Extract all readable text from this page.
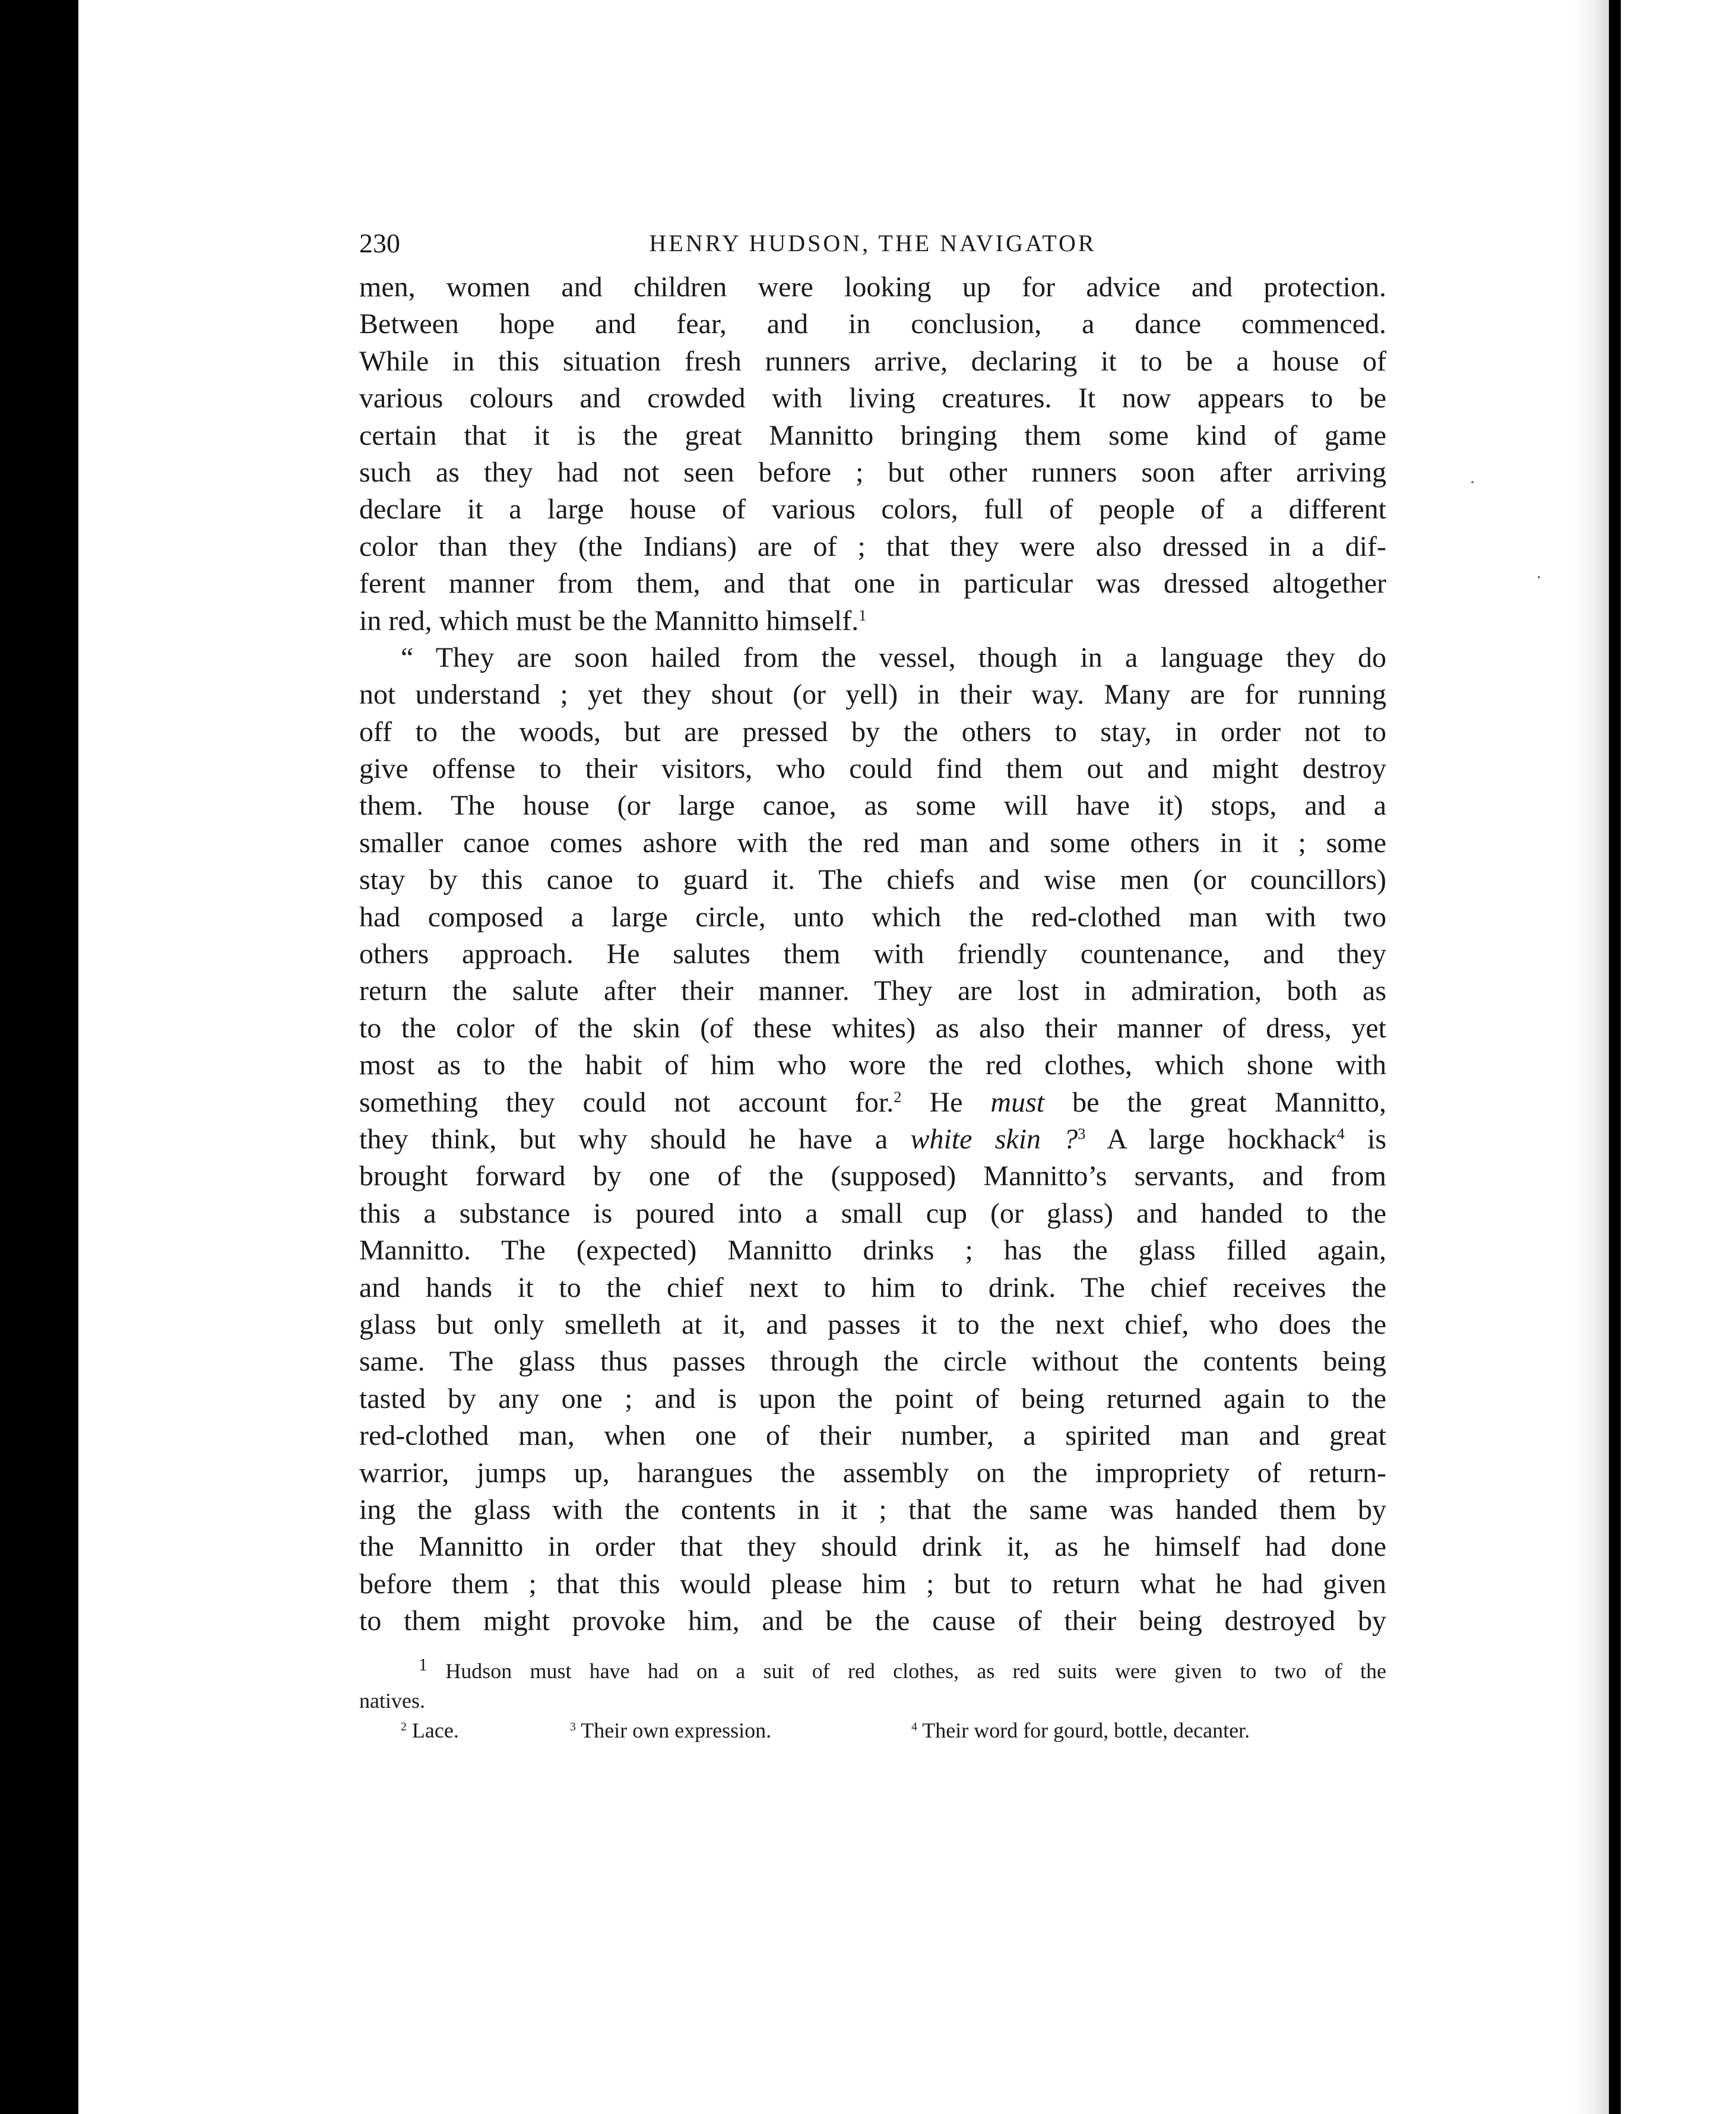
230	HENRY HUDSON, THE NAVIGATOR
men, women and children were looking up for advice and protection.
Between hope and fear, and in conclusion, a dance commenced.
While in this situation fresh runners arrive, declaring it to be a house of
various colours and crowded with living creatures. It now appears to be
certain that it is the great Mannitto bringing them some kind of game
such as they had not seen before ; but other runners soon after arriving
declare it a large house of various colors, full of people of a different
color than they (the Indians) are of ; that they were also dressed in a dif-
ferent manner from them, and that one in particular was dressed altogether
in red, which must be the Mannitto himself.$^1$
“ They are soon hailed from the vessel, though in a language they do
not understand ; yet they shout (or yell) in their way. Many are for running
off to the woods, but are pressed by the others to stay, in order not to
give offense to their visitors, who could find them out and might destroy
them. The house (or large canoe, as some will have it) stops, and a
smaller canoe comes ashore with the red man and some others in it ; some
stay by this canoe to guard it. The chiefs and wise men (or councillors)
had composed a large circle, unto which the red-clothed man with two
others approach. He salutes them with friendly countenance, and they
return the salute after their manner. They are lost in admiration, both as
to the color of the skin (of these whites) as also their manner of dress, yet
most as to the habit of him who wore the red clothes, which shone with
something they could not account for.$^2$ He must be the great Mannitto,
they think, but why should he have a white skin ?$^3$ A large hockhack$^4$ is
brought forward by one of the (supposed) Mannitto’s servants, and from
this a substance is poured into a small cup (or glass) and handed to the
Mannitto. The (expected) Mannitto drinks ; has the glass filled again,
and hands it to the chief next to him to drink. The chief receives the
glass but only smelleth at it, and passes it to the next chief, who does the
same. The glass thus passes through the circle without the contents being
tasted by any one ; and is upon the point of being returned again to the
red-clothed man, when one of their number, a spirited man and great
warrior, jumps up, harangues the assembly on the impropriety of return-
ing the glass with the contents in it ; that the same was handed them by
the Mannitto in order that they should drink it, as he himself had done
before them ; that this would please him ; but to return what he had given
to them might provoke him, and be the cause of their being destroyed by
$^1$ Hudson must have had on a suit of red clothes, as red suits were given to two of the
natives.
$^2$ Lace.	$^3$ Their own expression.	$^4$ Their word for gourd, bottle, decanter.
